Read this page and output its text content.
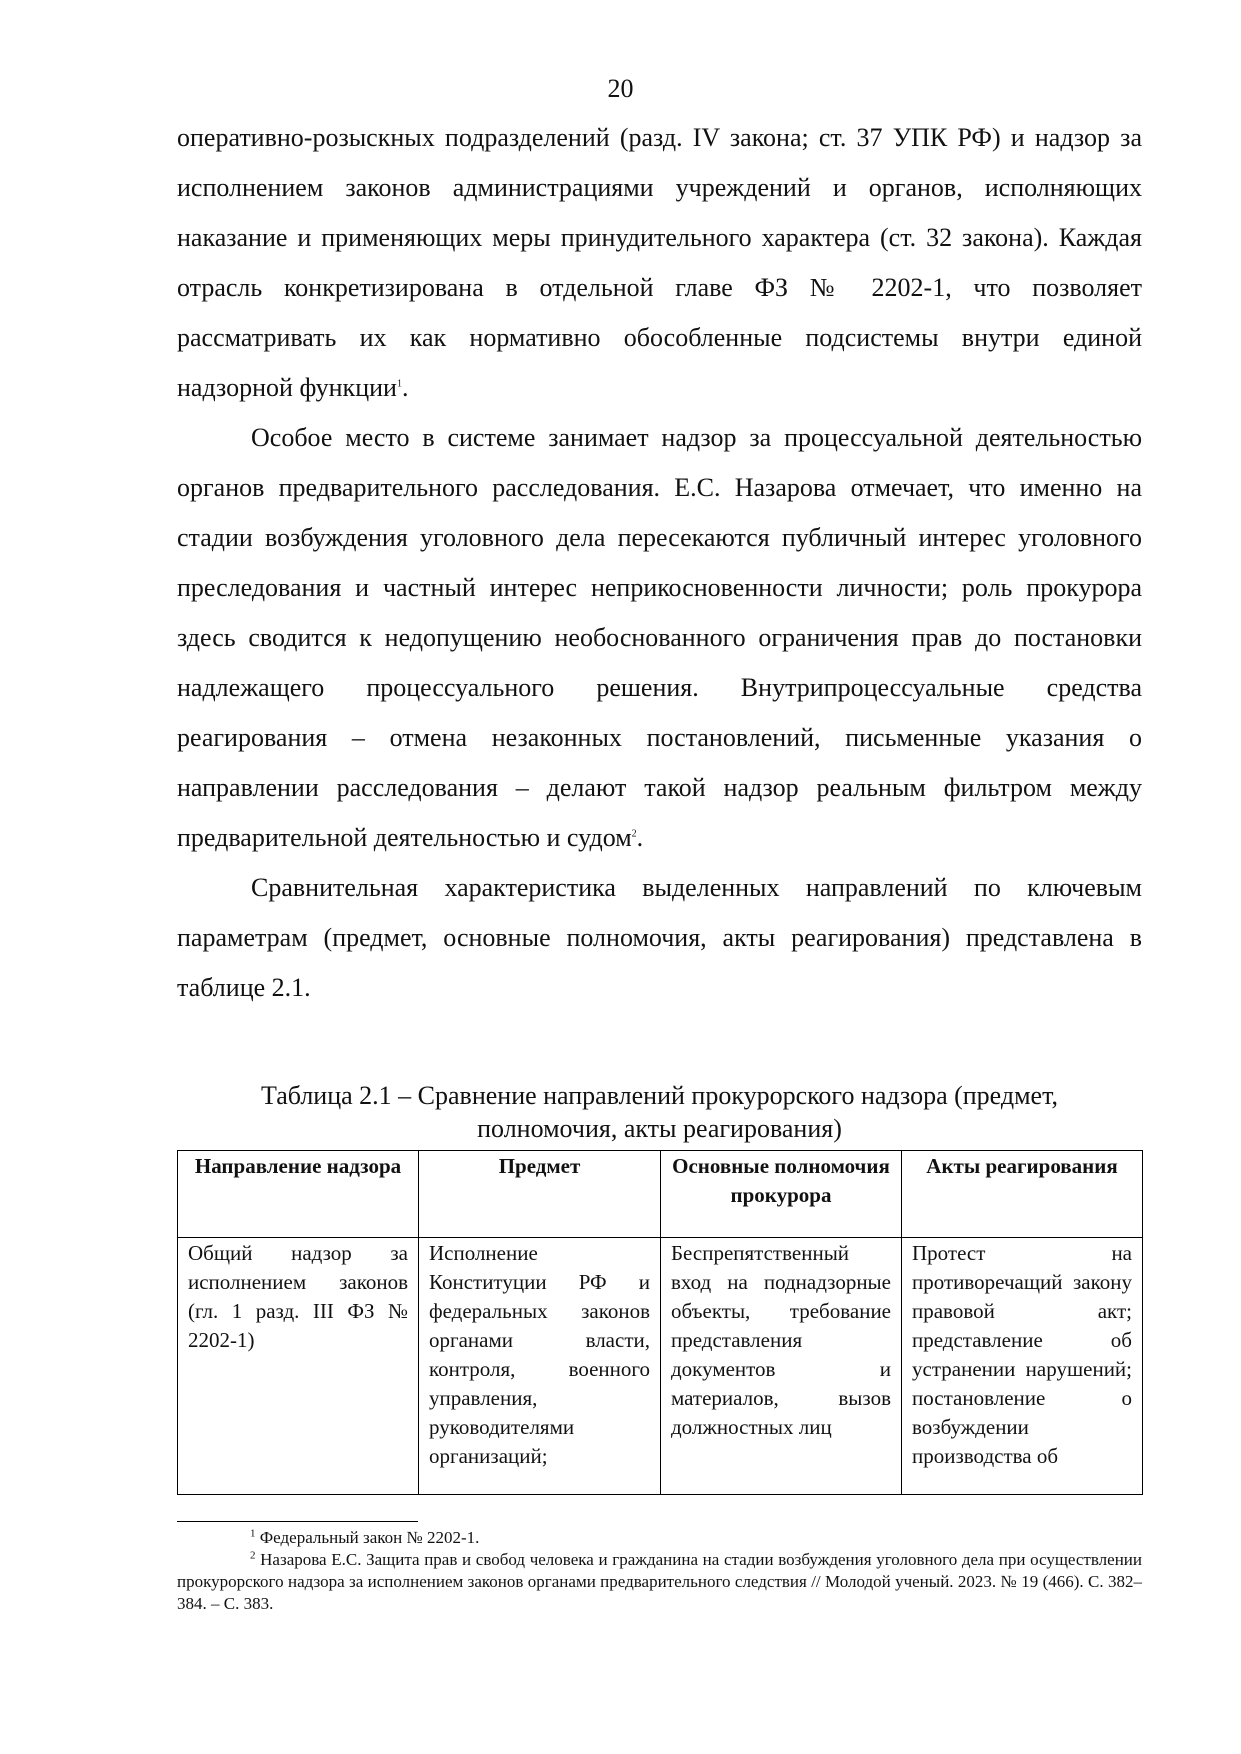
20

оперативно-розыскных подразделений (разд. IV закона; ст. 37 УПК РФ) и надзор за исполнением законов администрациями учреждений и органов, исполняющих наказание и применяющих меры принудительного характера (ст. 32 закона). Каждая отрасль конкретизирована в отдельной главе ФЗ № 2202-1, что позволяет рассматривать их как нормативно обособленные подсистемы внутри единой надзорной функции$^1$.

Особое место в системе занимает надзор за процессуальной деятельностью органов предварительного расследования. Е.С. Назарова отмечает, что именно на стадии возбуждения уголовного дела пересекаются публичный интерес уголовного преследования и частный интерес неприкосновенности личности; роль прокурора здесь сводится к недопущению необоснованного ограничения прав до постановки надлежащего процессуального решения. Внутрипроцессуальные средства реагирования – отмена незаконных постановлений, письменные указания о направлении расследования – делают такой надзор реальным фильтром между предварительной деятельностью и судом$^2$.

Сравнительная характеристика выделенных направлений по ключевым параметрам (предмет, основные полномочия, акты реагирования) представлена в таблице 2.1.

Таблица 2.1 – Сравнение направлений прокурорского надзора (предмет,
полномочия, акты реагирования)
Направление надзора	Предмет	Основные полномочия прокурора	Акты реагирования
Общий надзор за исполнением законов (гл. 1 разд. III ФЗ № 2202-1)	Исполнение Конституции РФ и федеральных законов органами власти, контроля, военного управления, руководителями организаций;	Беспрепятственный вход на поднадзорные объекты, требование представления документов и материалов, вызов должностных лиц	Протест на противоречащий закону правовой акт; представление об устранении нарушений; постановление о возбуждении производства об

$^1$ Федеральный закон № 2202-1.

$^2$ Назарова Е.С. Защита прав и свобод человека и гражданина на стадии возбуждения уголовного дела при осуществлении прокурорского надзора за исполнением законов органами предварительного следствия // Молодой ученый. 2023. № 19 (466). С. 382–384. – С. 383.
